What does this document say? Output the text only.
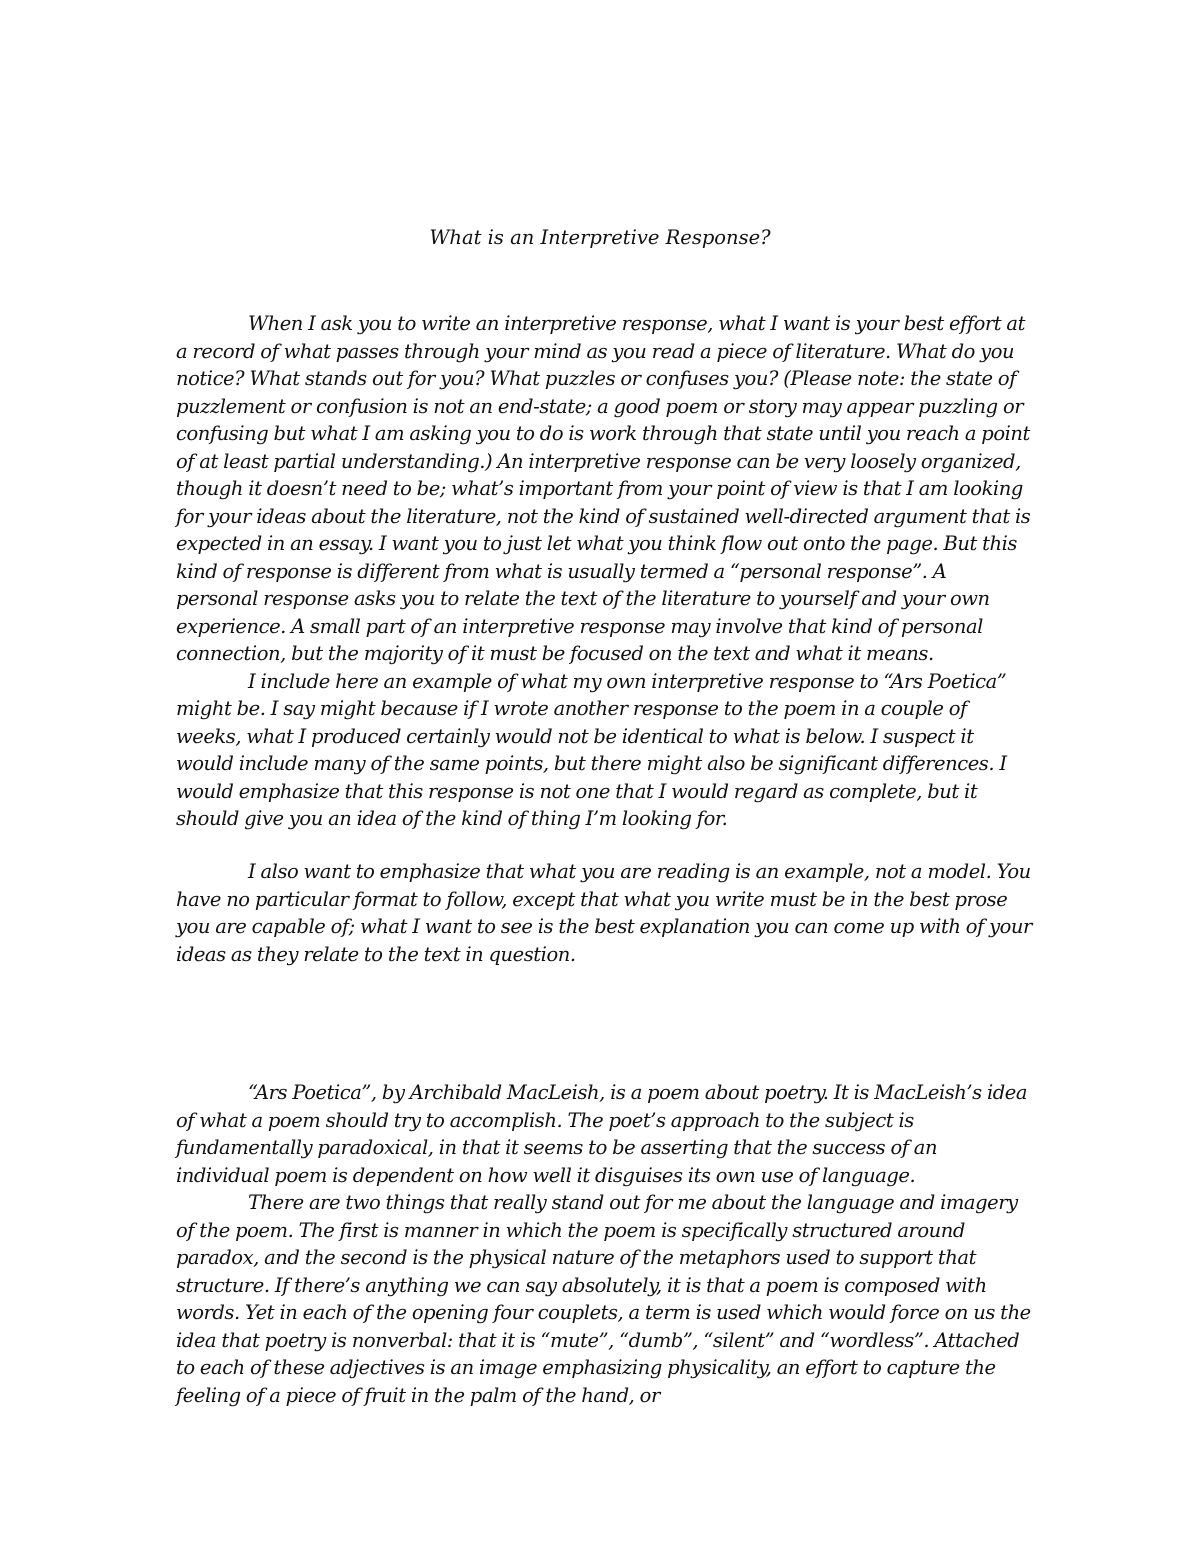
What is an Interpretive Response?

When I ask you to write an interpretive response, what I want is your best effort at a record of what passes through your mind as you read a piece of literature. What do you notice? What stands out for you? What puzzles or confuses you? (Please note: the state of puzzlement or confusion is not an end-state; a good poem or story may appear puzzling or confusing but what I am asking you to do is work through that state until you reach a point of at least partial understanding.) An interpretive response can be very loosely organized, though it doesn’t need to be; what’s important from your point of view is that I am looking for your ideas about the literature, not the kind of sustained well-directed argument that is expected in an essay. I want you to just let what you think flow out onto the page. But this kind of response is different from what is usually termed a “personal response”. A personal response asks you to relate the text of the literature to yourself and your own experience. A small part of an interpretive response may involve that kind of personal connection, but the majority of it must be focused on the text and what it means.

I include here an example of what my own interpretive response to “Ars Poetica” might be. I say might because if I wrote another response to the poem in a couple of weeks, what I produced certainly would not be identical to what is below. I suspect it would include many of the same points, but there might also be significant differences. I would emphasize that this response is not one that I would regard as complete, but it should give you an idea of the kind of thing I’m looking for.

I also want to emphasize that what you are reading is an example, not a model. You have no particular format to follow, except that what you write must be in the best prose you are capable of; what I want to see is the best explanation you can come up with of your ideas as they relate to the text in question.

“Ars Poetica”, by Archibald MacLeish, is a poem about poetry. It is MacLeish’s idea of what a poem should try to accomplish. The poet’s approach to the subject is fundamentally paradoxical, in that it seems to be asserting that the success of an individual poem is dependent on how well it disguises its own use of language.

There are two things that really stand out for me about the language and imagery of the poem. The first is manner in which the poem is specifically structured around paradox, and the second is the physical nature of the metaphors used to support that structure. If there’s anything we can say absolutely, it is that a poem is composed with words. Yet in each of the opening four couplets, a term is used which would force on us the idea that poetry is nonverbal: that it is “mute”, “dumb”, “silent” and “wordless”. Attached to each of these adjectives is an image emphasizing physicality, an effort to capture the feeling of a piece of fruit in the palm of the hand, or
